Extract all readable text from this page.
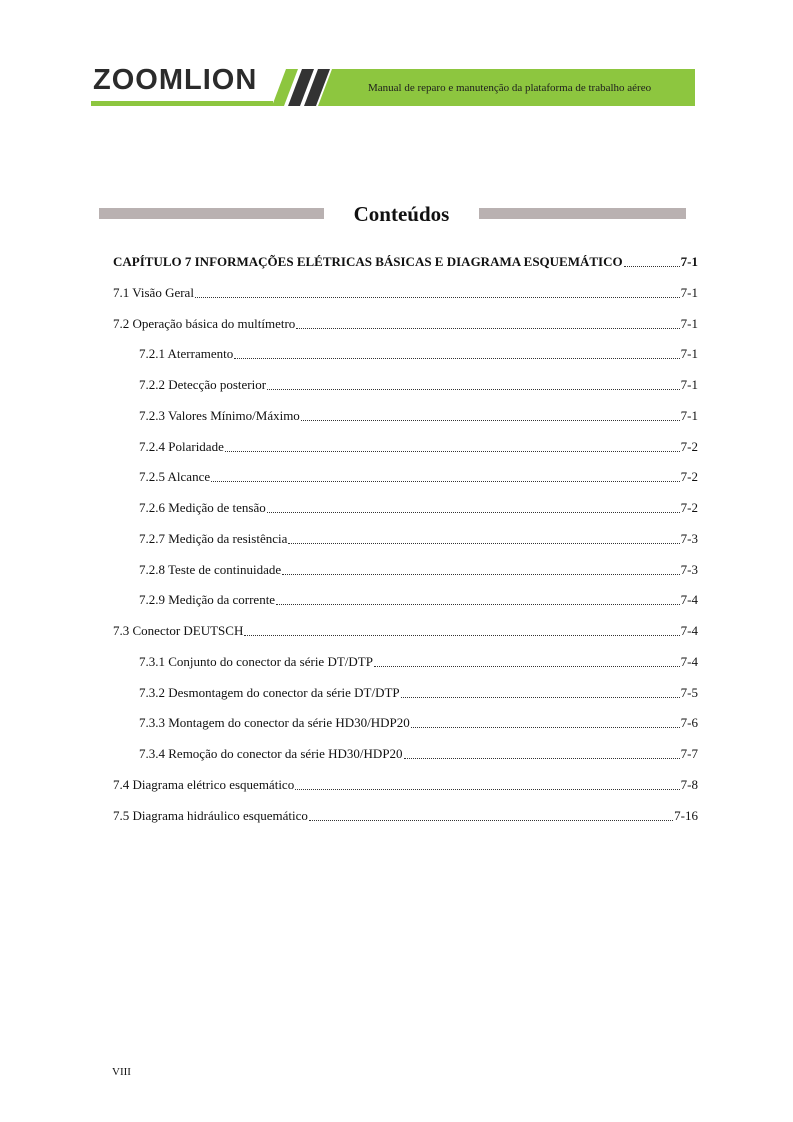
ZOOMLION	Manual de reparo e manutenção da plataforma de trabalho aéreo
Conteúdos
CAPÍTULO 7 INFORMAÇÕES ELÉTRICAS BÁSICAS E DIAGRAMA ESQUEMÁTICO	7-1
7.1 Visão Geral	7-1
7.2 Operação básica do multímetro	7-1
7.2.1 Aterramento	7-1
7.2.2 Detecção posterior	7-1
7.2.3 Valores Mínimo/Máximo	7-1
7.2.4 Polaridade	7-2
7.2.5 Alcance	7-2
7.2.6 Medição de tensão	7-2
7.2.7 Medição da resistência	7-3
7.2.8 Teste de continuidade	7-3
7.2.9 Medição da corrente	7-4
7.3 Conector DEUTSCH	7-4
7.3.1 Conjunto do conector da série DT/DTP	7-4
7.3.2 Desmontagem do conector da série DT/DTP	7-5
7.3.3 Montagem do conector da série HD30/HDP20	7-6
7.3.4 Remoção do conector da série HD30/HDP20	7-7
7.4 Diagrama elétrico esquemático	7-8
7.5 Diagrama hidráulico esquemático	7-16
VIII
